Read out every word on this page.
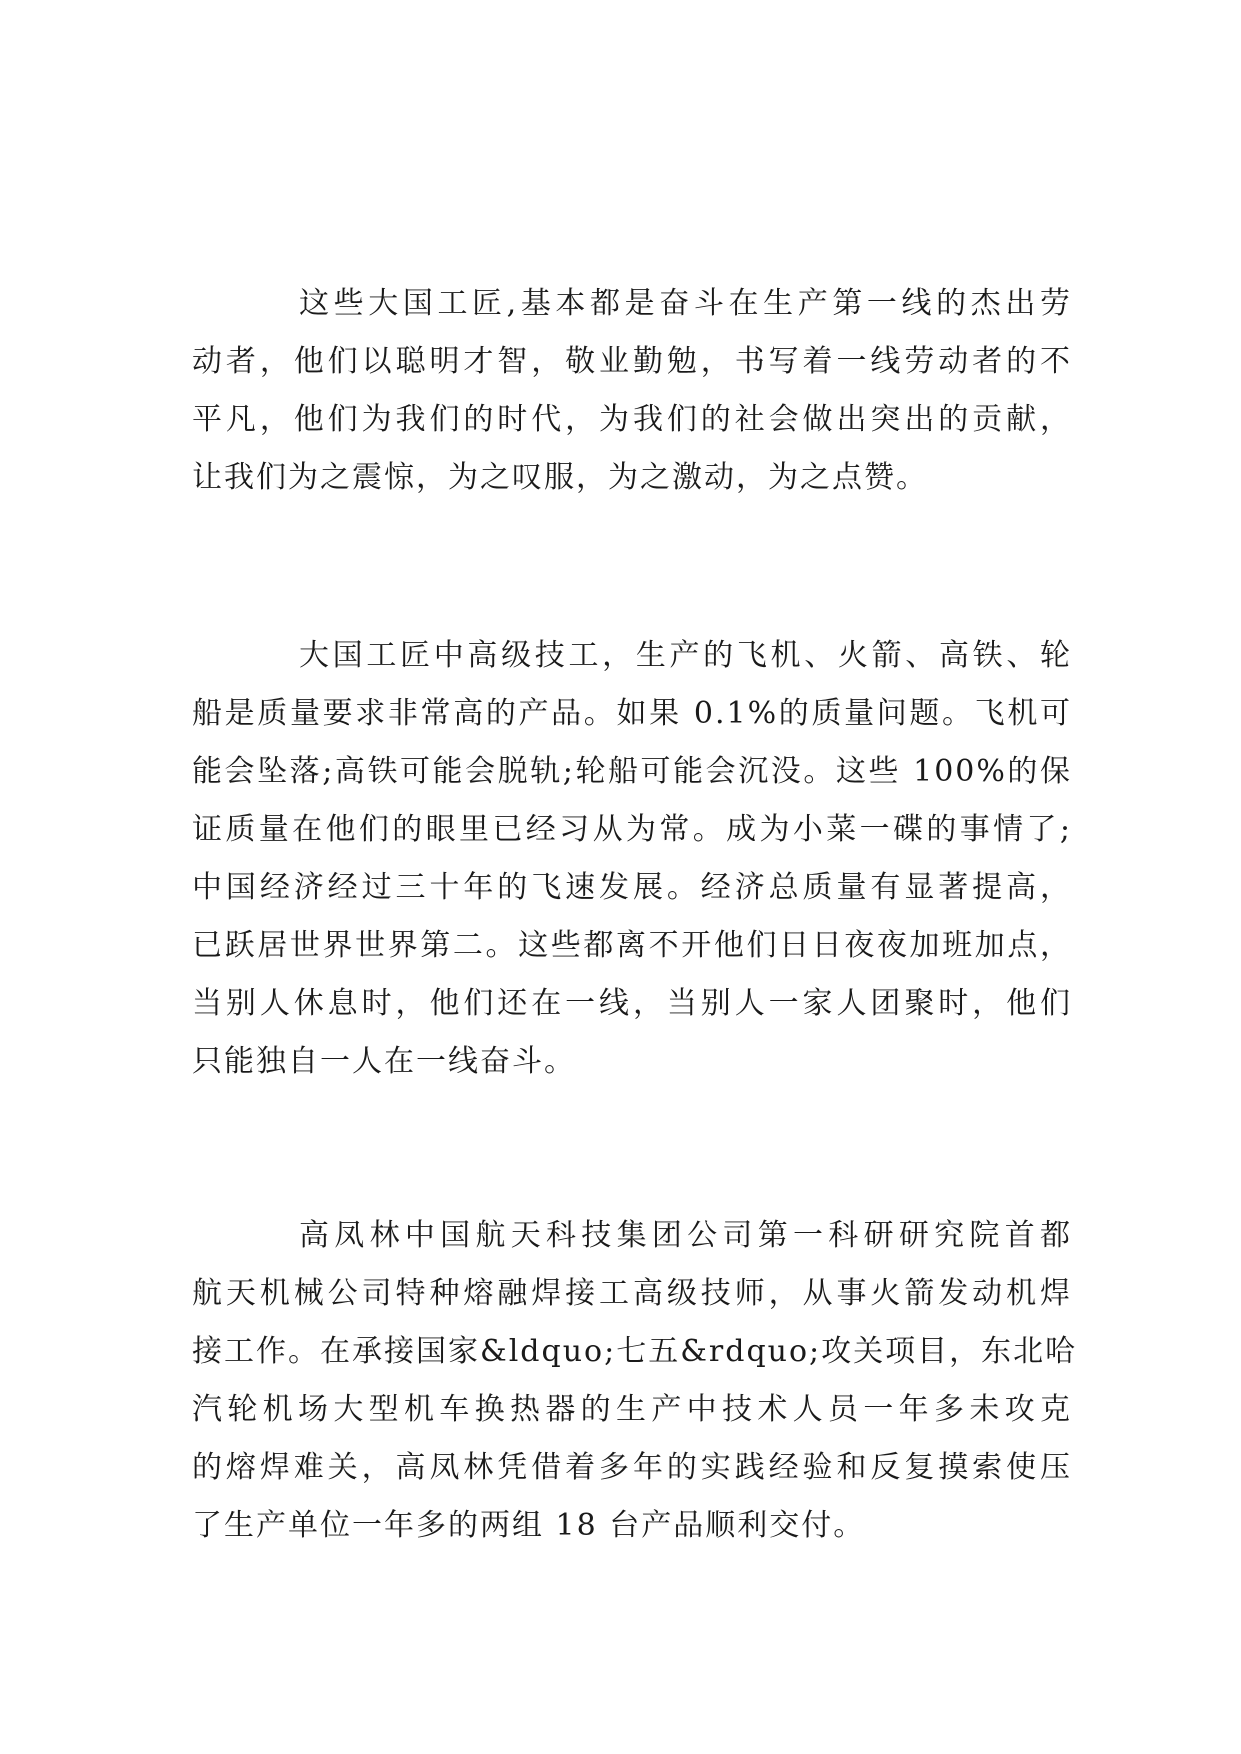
这些大国工匠,基本都是奋斗在生产第一线的杰出劳
动者，他们以聪明才智，敬业勤勉，书写着一线劳动者的不
平凡，他们为我们的时代，为我们的社会做出突出的贡献，
让我们为之震惊，为之叹服，为之激动，为之点赞。

大国工匠中高级技工，生产的飞机、火箭、高铁、轮
船是质量要求非常高的产品。如果 0.1%的质量问题。飞机可
能会坠落;高铁可能会脱轨;轮船可能会沉没。这些 100%的保
证质量在他们的眼里已经习从为常。成为小菜一碟的事情了;
中国经济经过三十年的飞速发展。经济总质量有显著提高，
已跃居世界世界第二。这些都离不开他们日日夜夜加班加点，
当别人休息时，他们还在一线，当别人一家人团聚时，他们
只能独自一人在一线奋斗。

高凤林中国航天科技集团公司第一科研研究院首都
航天机械公司特种熔融焊接工高级技师，从事火箭发动机焊
接工作。在承接国家&ldquo;七五&rdquo;攻关项目，东北哈
汽轮机场大型机车换热器的生产中技术人员一年多未攻克
的熔焊难关，高凤林凭借着多年的实践经验和反复摸索使压
了生产单位一年多的两组 18 台产品顺利交付。
